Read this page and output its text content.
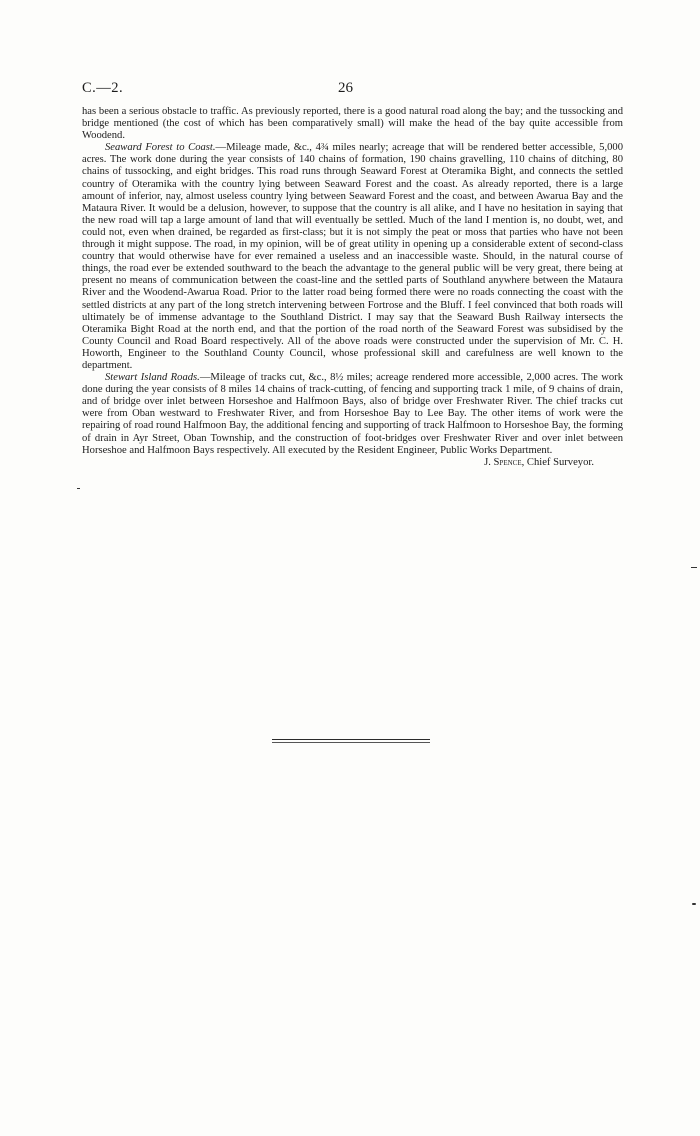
C.—2.	26

has been a serious obstacle to traffic. As previously reported, there is a good natural road along the bay; and the tussocking and bridge mentioned (the cost of which has been comparatively small) will make the head of the bay quite accessible from Woodend.

Seaward Forest to Coast.—Mileage made, &c., 4¾ miles nearly; acreage that will be rendered better accessible, 5,000 acres. The work done during the year consists of 140 chains of formation, 190 chains gravelling, 110 chains of ditching, 80 chains of tussocking, and eight bridges. This road runs through Seaward Forest at Oteramika Bight, and connects the settled country of Oteramika with the country lying between Seaward Forest and the coast. As already reported, there is a large amount of inferior, nay, almost useless country lying between Seaward Forest and the coast, and between Awarua Bay and the Mataura River. It would be a delusion, however, to suppose that the country is all alike, and I have no hesitation in saying that the new road will tap a large amount of land that will eventually be settled. Much of the land I mention is, no doubt, wet, and could not, even when drained, be regarded as first-class; but it is not simply the peat or moss that parties who have not been through it might suppose. The road, in my opinion, will be of great utility in opening up a considerable extent of second-class country that would otherwise have for ever remained a useless and an inaccessible waste. Should, in the natural course of things, the road ever be extended southward to the beach the advantage to the general public will be very great, there being at present no means of communication between the coast-line and the settled parts of Southland anywhere between the Mataura River and the Woodend-Awarua Road. Prior to the latter road being formed there were no roads connecting the coast with the settled districts at any part of the long stretch intervening between Fortrose and the Bluff. I feel convinced that both roads will ultimately be of immense advantage to the Southland District. I may say that the Seaward Bush Railway intersects the Oteramika Bight Road at the north end, and that the portion of the road north of the Seaward Forest was subsidised by the County Council and Road Board respectively. All of the above roads were constructed under the supervision of Mr. C. H. Howorth, Engineer to the Southland County Council, whose professional skill and carefulness are well known to the department.

Stewart Island Roads.—Mileage of tracks cut, &c., 8½ miles; acreage rendered more accessible, 2,000 acres. The work done during the year consists of 8 miles 14 chains of track-cutting, of fencing and supporting track 1 mile, of 9 chains of drain, and of bridge over inlet between Horseshoe and Halfmoon Bays, also of bridge over Freshwater River. The chief tracks cut were from Oban westward to Freshwater River, and from Horseshoe Bay to Lee Bay. The other items of work were the repairing of road round Halfmoon Bay, the additional fencing and supporting of track Halfmoon to Horseshoe Bay, the forming of drain in Ayr Street, Oban Township, and the construction of foot-bridges over Freshwater River and over inlet between Horseshoe and Halfmoon Bays respectively. All executed by the Resident Engineer, Public Works Department.

J. Spence, Chief Surveyor.
